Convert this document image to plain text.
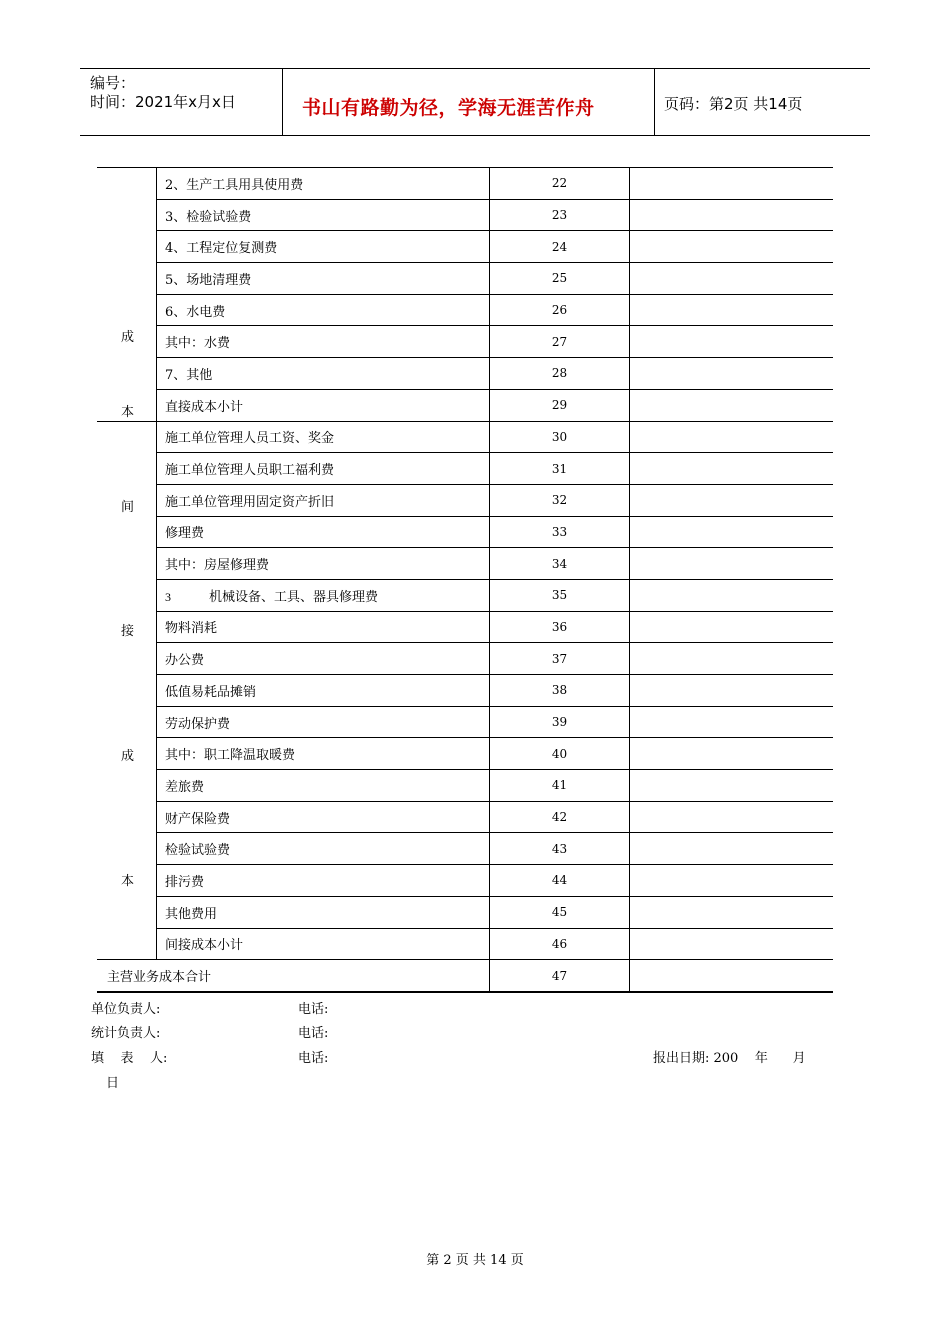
编号：
时间：2021年x月x日	书山有路勤为径，学海无涯苦作舟	页码：第2页 共14页
成
本	2、生产工具用具使用费	22	
	3、检验试验费	23	
	4、工程定位复测费	24	
	5、场地清理费	25	
	6、水电费	26	
	其中：水费	27	
	7、其他	28	
	直接成本小计	29	

间
接
成
本	施工单位管理人员工资、奖金	30	
	施工单位管理人员职工福利费	31	
	施工单位管理用固定资产折旧	32	
	修理费	33	
	其中：房屋修理费	34	
	3 机械设备、工具、器具修理费	35	
	物料消耗	36	
	办公费	37	
	低值易耗品摊销	38	
	劳动保护费	39	
	其中：职工降温取暖费	40	
	差旅费	41	
	财产保险费	42	
	检验试验费	43	
	排污费	44	
	其他费用	45	
	间接成本小计	46	
主营业务成本合计		47	
单位负责人:	电话:
统计负责人:	电话:
填    表    人:	电话:	报出日期: 200    年      月
日
第 2 页 共 14 页
